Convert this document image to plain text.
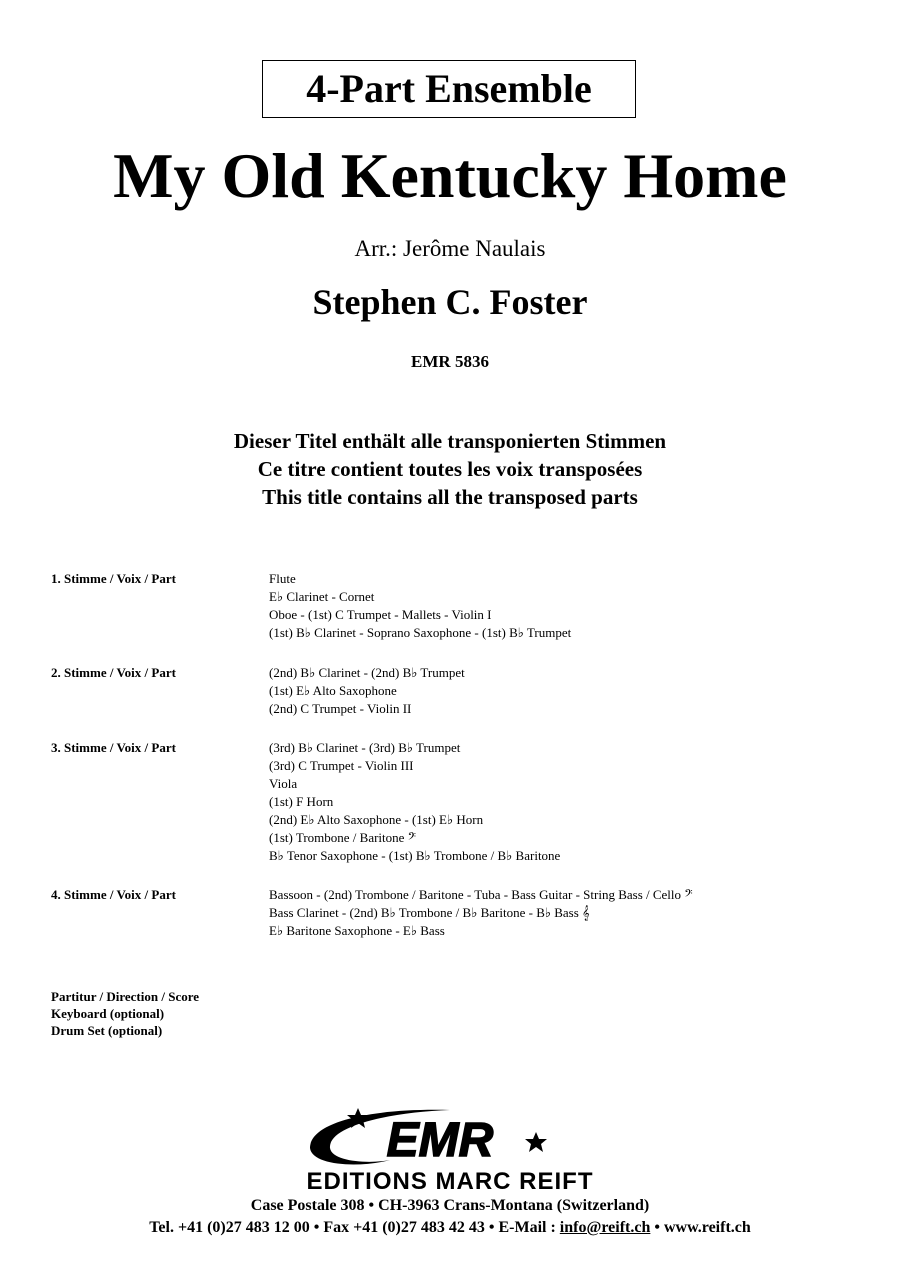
4-Part Ensemble
My Old Kentucky Home
Arr.: Jerôme Naulais
Stephen C. Foster
EMR 5836
Dieser Titel enthält alle transponierten Stimmen
Ce titre contient toutes les voix transposées
This title contains all the transposed parts
1. Stimme / Voix / Part	Flute
E♭ Clarinet - Cornet
Oboe - (1st) C Trumpet - Mallets - Violin I
(1st) B♭ Clarinet - Soprano Saxophone - (1st) B♭ Trumpet
2. Stimme / Voix / Part	(2nd) B♭ Clarinet - (2nd) B♭ Trumpet
(1st) E♭ Alto Saxophone
(2nd) C Trumpet - Violin II
3. Stimme / Voix / Part	(3rd) B♭ Clarinet - (3rd) B♭ Trumpet
(3rd) C Trumpet - Violin III
Viola
(1st) F Horn
(2nd) E♭ Alto Saxophone - (1st) E♭ Horn
(1st) Trombone / Baritone 𝄢
B♭ Tenor Saxophone - (1st) B♭ Trombone / B♭ Baritone
4. Stimme / Voix / Part	Bassoon - (2nd) Trombone / Baritone - Tuba - Bass Guitar - String Bass / Cello 𝄢
Bass Clarinet - (2nd) B♭ Trombone / B♭ Baritone - B♭ Bass 𝄞
E♭ Baritone Saxophone - E♭ Bass
Partitur / Direction / Score
Keyboard (optional)
Drum Set (optional)
EMR
EDITIONS MARC REIFT
Case Postale 308 • CH-3963 Crans-Montana (Switzerland)
Tel. +41 (0)27 483 12 00 • Fax +41 (0)27 483 42 43 • E-Mail : info@reift.ch • www.reift.ch
